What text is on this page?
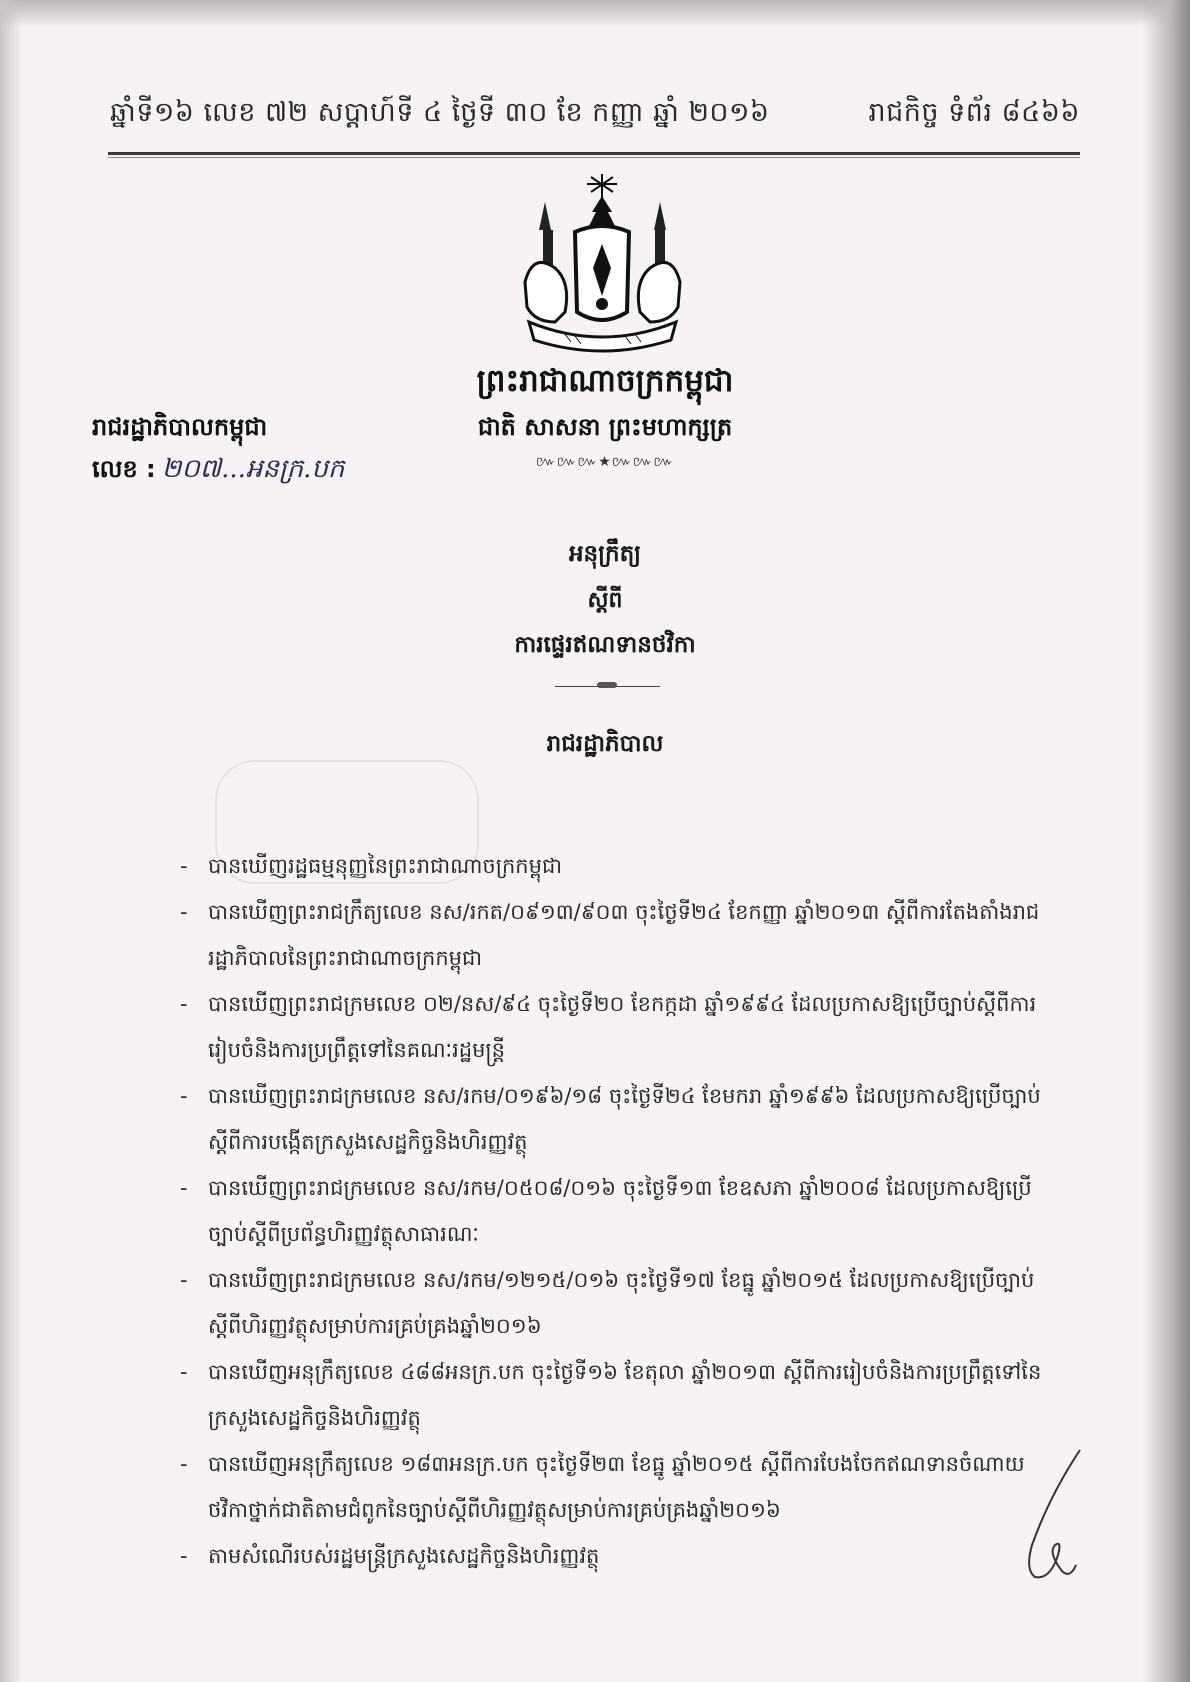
ឆ្នាំទី១៦ លេខ ៧២ សប្តាហ៍ទី ៤ ថ្ងៃទី ៣០ ខែ កញ្ញា ឆ្នាំ ២០១៦	រាជកិច្ច ទំព័រ ៨៤៦៦
ព្រះរាជាណាចក្រកម្ពុជា
ជាតិ សាសនា ព្រះមហាក្សត្រ
៚៚៚★៚៚៚
រាជរដ្ឋាភិបាលកម្ពុជា
លេខ : ២០៧...អនក្រ.បក
អនុក្រឹត្យ
ស្តីពី
ការផ្ទេរឥណទានថវិកា
រាជរដ្ឋាភិបាល
- បានឃើញរដ្ឋធម្មនុញ្ញនៃព្រះរាជាណាចក្រកម្ពុជា
- បានឃើញព្រះរាជក្រឹត្យលេខ នស/រកត/០៩១៣/៩០៣ ចុះថ្ងៃទី២៤ ខែកញ្ញា ឆ្នាំ២០១៣ ស្តីពីការតែងតាំងរាជរដ្ឋាភិបាលនៃព្រះរាជាណាចក្រកម្ពុជា
- បានឃើញព្រះរាជក្រមលេខ ០២/នស/៩៤ ចុះថ្ងៃទី២០ ខែកក្កដា ឆ្នាំ១៩៩៤ ដែលប្រកាសឱ្យប្រើច្បាប់ស្តីពីការរៀបចំនិងការប្រព្រឹត្តទៅនៃគណៈរដ្ឋមន្ត្រី
- បានឃើញព្រះរាជក្រមលេខ នស/រកម/០១៩៦/១៨ ចុះថ្ងៃទី២៤ ខែមករា ឆ្នាំ១៩៩៦ ដែលប្រកាសឱ្យប្រើច្បាប់ស្តីពីការបង្កើតក្រសួងសេដ្ឋកិច្ចនិងហិរញ្ញវត្ថុ
- បានឃើញព្រះរាជក្រមលេខ នស/រកម/០៥០៨/០១៦ ចុះថ្ងៃទី១៣ ខែឧសភា ឆ្នាំ២០០៨ ដែលប្រកាសឱ្យប្រើច្បាប់ស្តីពីប្រព័ន្ធហិរញ្ញវត្ថុសាធារណៈ
- បានឃើញព្រះរាជក្រមលេខ នស/រកម/១២១៥/០១៦ ចុះថ្ងៃទី១៧ ខែធ្នូ ឆ្នាំ២០១៥ ដែលប្រកាសឱ្យប្រើច្បាប់ស្តីពីហិរញ្ញវត្ថុសម្រាប់ការគ្រប់គ្រងឆ្នាំ២០១៦
- បានឃើញអនុក្រឹត្យលេខ ៤៨៨អនក្រ.បក ចុះថ្ងៃទី១៦ ខែតុលា ឆ្នាំ២០១៣ ស្តីពីការរៀបចំនិងការប្រព្រឹត្តទៅនៃក្រសួងសេដ្ឋកិច្ចនិងហិរញ្ញវត្ថុ
- បានឃើញអនុក្រឹត្យលេខ ១៨៣អនក្រ.បក ចុះថ្ងៃទី២៣ ខែធ្នូ ឆ្នាំ២០១៥ ស្តីពីការបែងចែកឥណទានចំណាយថវិកាថ្នាក់ជាតិតាមជំពូកនៃច្បាប់ស្តីពីហិរញ្ញវត្ថុសម្រាប់ការគ្រប់គ្រងឆ្នាំ២០១៦
- តាមសំណើរបស់រដ្ឋមន្ត្រីក្រសួងសេដ្ឋកិច្ចនិងហិរញ្ញវត្ថុ
